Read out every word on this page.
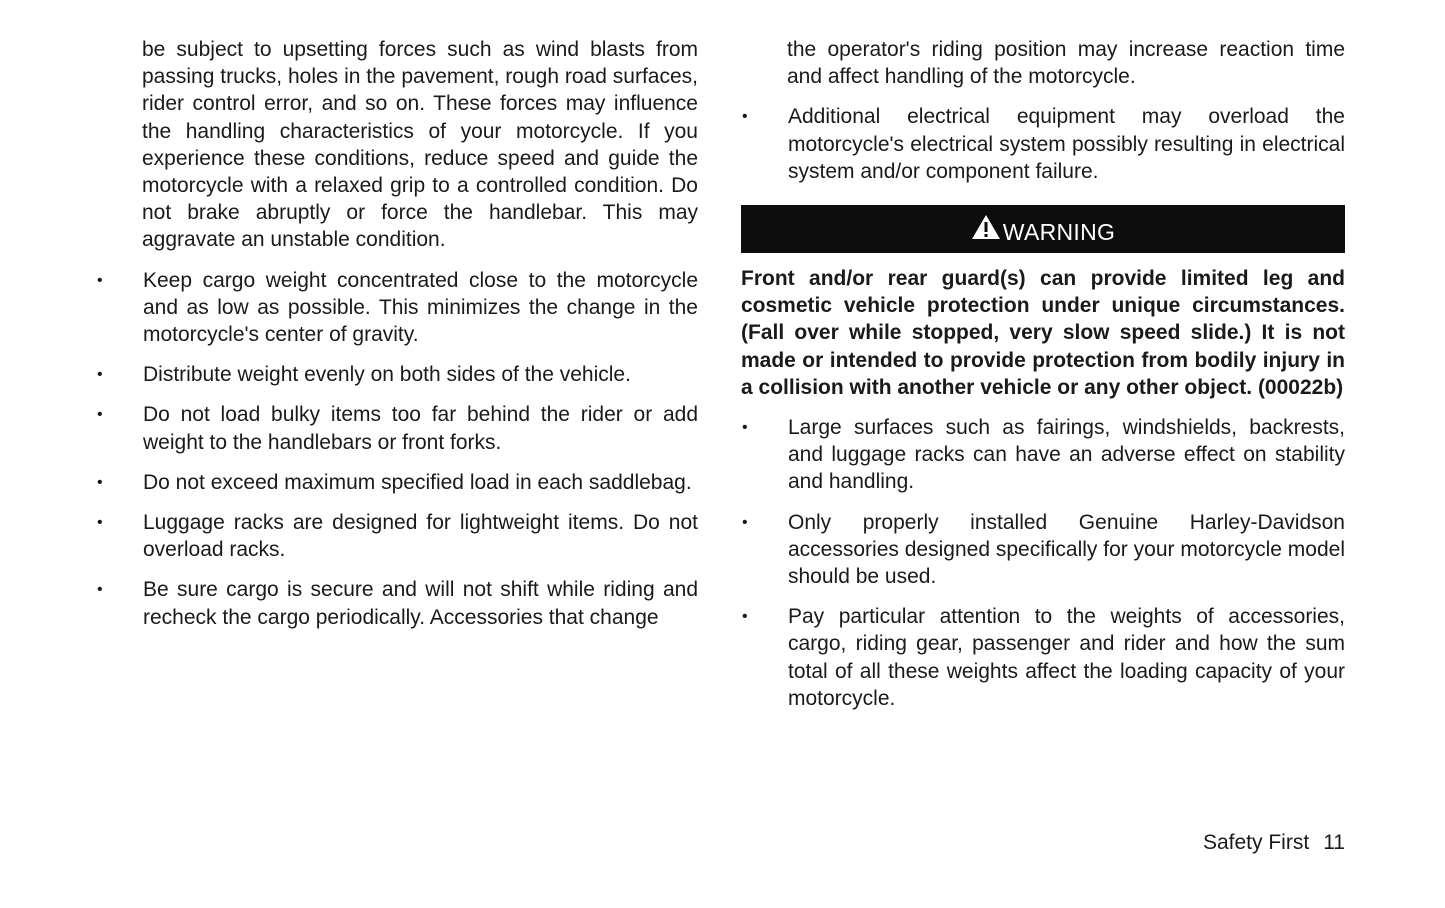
be subject to upsetting forces such as wind blasts from passing trucks, holes in the pavement, rough road surfaces, rider control error, and so on. These forces may influence the handling characteristics of your motorcycle. If you experience these conditions, reduce speed and guide the motorcycle with a relaxed grip to a controlled condition. Do not brake abruptly or force the handlebar. This may aggravate an unstable condition.

•	Keep cargo weight concentrated close to the motorcycle and as low as possible. This minimizes the change in the motorcycle's center of gravity.
•	Distribute weight evenly on both sides of the vehicle.
•	Do not load bulky items too far behind the rider or add weight to the handlebars or front forks.
•	Do not exceed maximum specified load in each saddlebag.
•	Luggage racks are designed for lightweight items. Do not overload racks.
•	Be sure cargo is secure and will not shift while riding and recheck the cargo periodically. Accessories that change

the operator's riding position may increase reaction time and affect handling of the motorcycle.

•	Additional electrical equipment may overload the motorcycle's electrical system possibly resulting in electrical system and/or component failure.
WARNING

Front and/or rear guard(s) can provide limited leg and cosmetic vehicle protection under unique circumstances. (Fall over while stopped, very slow speed slide.) It is not made or intended to provide protection from bodily injury in a collision with another vehicle or any other object. (00022b)

•	Large surfaces such as fairings, windshields, backrests, and luggage racks can have an adverse effect on stability and handling.
•	Only properly installed Genuine Harley-Davidson accessories designed specifically for your motorcycle model should be used.
•	Pay particular attention to the weights of accessories, cargo, riding gear, passenger and rider and how the sum total of all these weights affect the loading capacity of your motorcycle.
Safety First 11
